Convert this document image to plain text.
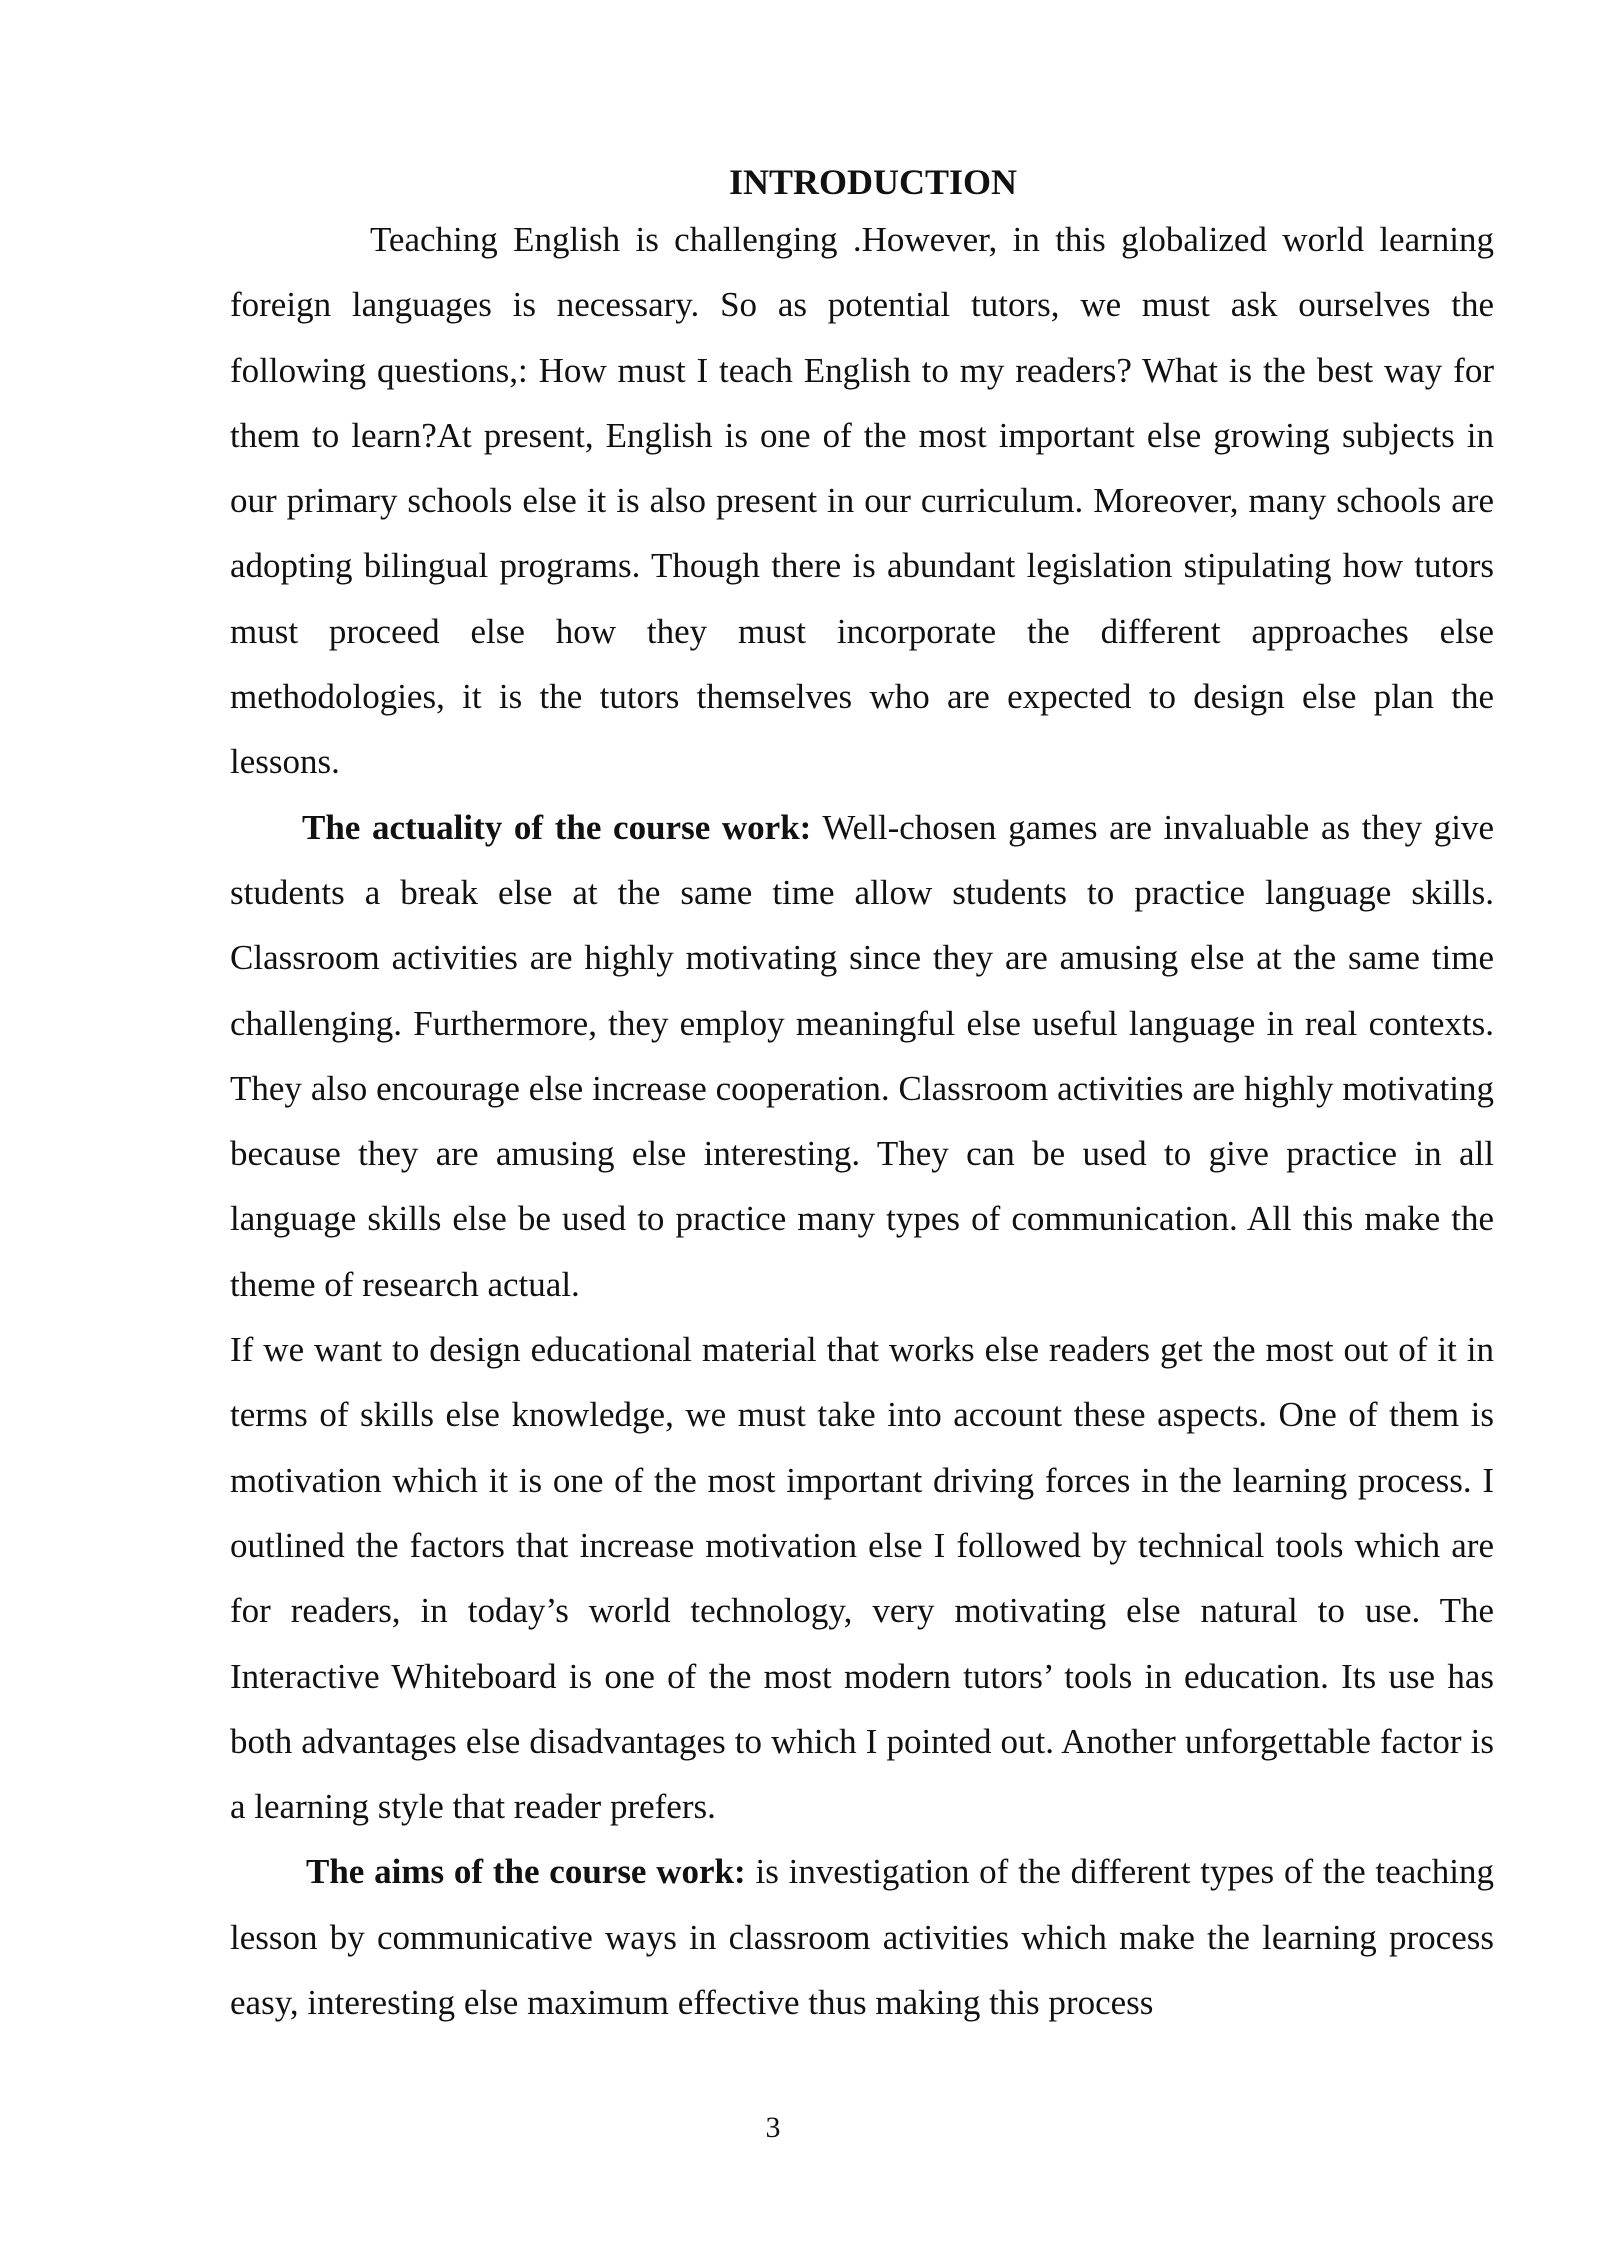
INTRODUCTION

Teaching English is challenging .However, in this globalized world learning foreign languages is necessary. So as potential tutors, we must ask ourselves the following questions,: How must I teach English to my readers? What is the best way for them to learn?At present, English is one of the most important else growing subjects in our primary schools else it is also present in our curriculum. Moreover, many schools are adopting bilingual programs. Though there is abundant legislation stipulating how tutors must proceed else how they must incorporate the different approaches else methodologies, it is the tutors themselves who are expected to design else plan the lessons.

The actuality of the course work: Well-chosen games are invaluable as they give students a break else at the same time allow students to practice language skills. Classroom activities are highly motivating since they are amusing else at the same time challenging. Furthermore, they employ meaningful else useful language in real contexts. They also encourage else increase cooperation. Classroom activities are highly motivating because they are amusing else interesting. They can be used to give practice in all language skills else be used to practice many types of communication. All this make the theme of research actual.

If we want to design educational material that works else readers get the most out of it in terms of skills else knowledge, we must take into account these aspects. One of them is motivation which it is one of the most important driving forces in the learning process. I outlined the factors that increase motivation else I followed by technical tools which are for readers, in today’s world technology, very motivating else natural to use. The Interactive Whiteboard is one of the most modern tutors’ tools in education. Its use has both advantages else disadvantages to which I pointed out. Another unforgettable factor is a learning style that reader prefers.

The aims of the course work: is investigation of the different types of the teaching lesson by communicative ways in classroom activities which make the learning process easy, interesting else maximum effective thus making this process

3
